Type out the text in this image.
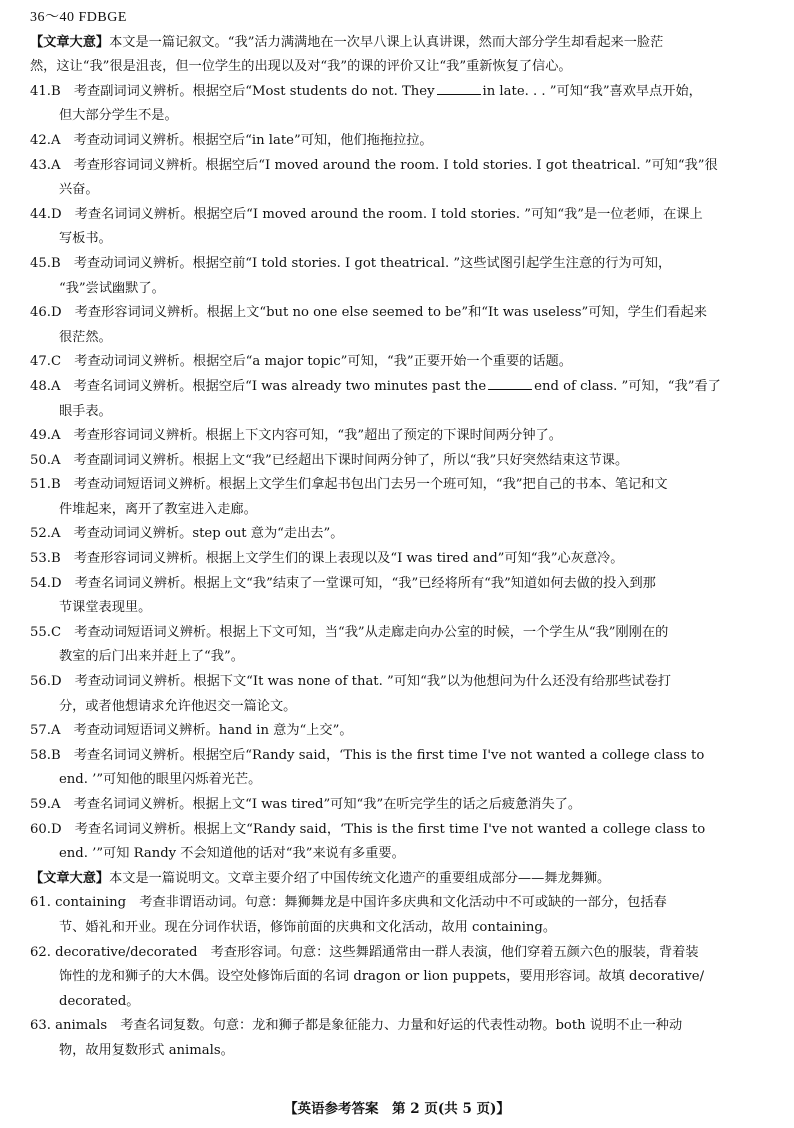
36～40 FDBGE
【文章大意】本文是一篇记叙文。“我”活力满满地在一次早八课上认真讲课，然而大部分学生却看起来一脸茫
然，这让“我”很是沮丧，但一位学生的出现以及对“我”的课的评价又让“我”重新恢复了信心。
41.B　考查副词词义辨析。根据空后“Most students do not. They	in late. . . ”可知“我”喜欢早点开始，
但大部分学生不是。
42.A　考查动词词义辨析。根据空后“in late”可知，他们拖拖拉拉。
43.A　考查形容词词义辨析。根据空后“I moved around the room. I told stories. I got theatrical. ”可知“我”很
兴奋。
44.D　考查名词词义辨析。根据空后“I moved around the room. I told stories. ”可知“我”是一位老师，在课上
写板书。
45.B　考查动词词义辨析。根据空前“I told stories. I got theatrical. ”这些试图引起学生注意的行为可知，
“我”尝试幽默了。
46.D　考查形容词词义辨析。根据上文“but no one else seemed to be”和“It was useless”可知，学生们看起来
很茫然。
47.C　考查动词词义辨析。根据空后“a major topic”可知，“我”正要开始一个重要的话题。
48.A　考查名词词义辨析。根据空后“I was already two minutes past the	end of class. ”可知，“我”看了
眼手表。
49.A　考查形容词词义辨析。根据上下文内容可知，“我”超出了预定的下课时间两分钟了。
50.A　考查副词词义辨析。根据上文“我”已经超出下课时间两分钟了，所以“我”只好突然结束这节课。
51.B　考查动词短语词义辨析。根据上文学生们拿起书包出门去另一个班可知，“我”把自己的书本、笔记和文
件堆起来，离开了教室进入走廊。
52.A　考查动词词义辨析。step out 意为“走出去”。
53.B　考查形容词词义辨析。根据上文学生们的课上表现以及“I was tired and”可知“我”心灰意冷。
54.D　考查名词词义辨析。根据上文“我”结束了一堂课可知，“我”已经将所有“我”知道如何去做的投入到那
节课堂表现里。
55.C　考查动词短语词义辨析。根据上下文可知，当“我”从走廊走向办公室的时候，一个学生从“我”刚刚在的
教室的后门出来并赶上了“我”。
56.D　考查动词词义辨析。根据下文“It was none of that. ”可知“我”以为他想问为什么还没有给那些试卷打
分，或者他想请求允许他迟交一篇论文。
57.A　考查动词短语词义辨析。hand in 意为“上交”。
58.B　考查名词词义辨析。根据空后“Randy said，‘This is the first time I've not wanted a college class to
end. ’”可知他的眼里闪烁着光芒。
59.A　考查名词词义辨析。根据上文“I was tired”可知“我”在听完学生的话之后疲惫消失了。
60.D　考查名词词义辨析。根据上文“Randy said，‘This is the first time I've not wanted a college class to
end. ’”可知 Randy 不会知道他的话对“我”来说有多重要。
【文章大意】本文是一篇说明文。文章主要介绍了中国传统文化遗产的重要组成部分——舞龙舞狮。
61. containing　考查非谓语动词。句意：舞狮舞龙是中国许多庆典和文化活动中不可或缺的一部分，包括春
节、婚礼和开业。现在分词作状语，修饰前面的庆典和文化活动，故用 containing。
62. decorative/decorated　考查形容词。句意：这些舞蹈通常由一群人表演，他们穿着五颜六色的服装，背着装
饰性的龙和狮子的大木偶。设空处修饰后面的名词 dragon or lion puppets，要用形容词。故填 decorative/
decorated。
63. animals　考查名词复数。句意：龙和狮子都是象征能力、力量和好运的代表性动物。both 说明不止一种动
物，故用复数形式 animals。
【英语参考答案　第 2 页(共 5 页)】
